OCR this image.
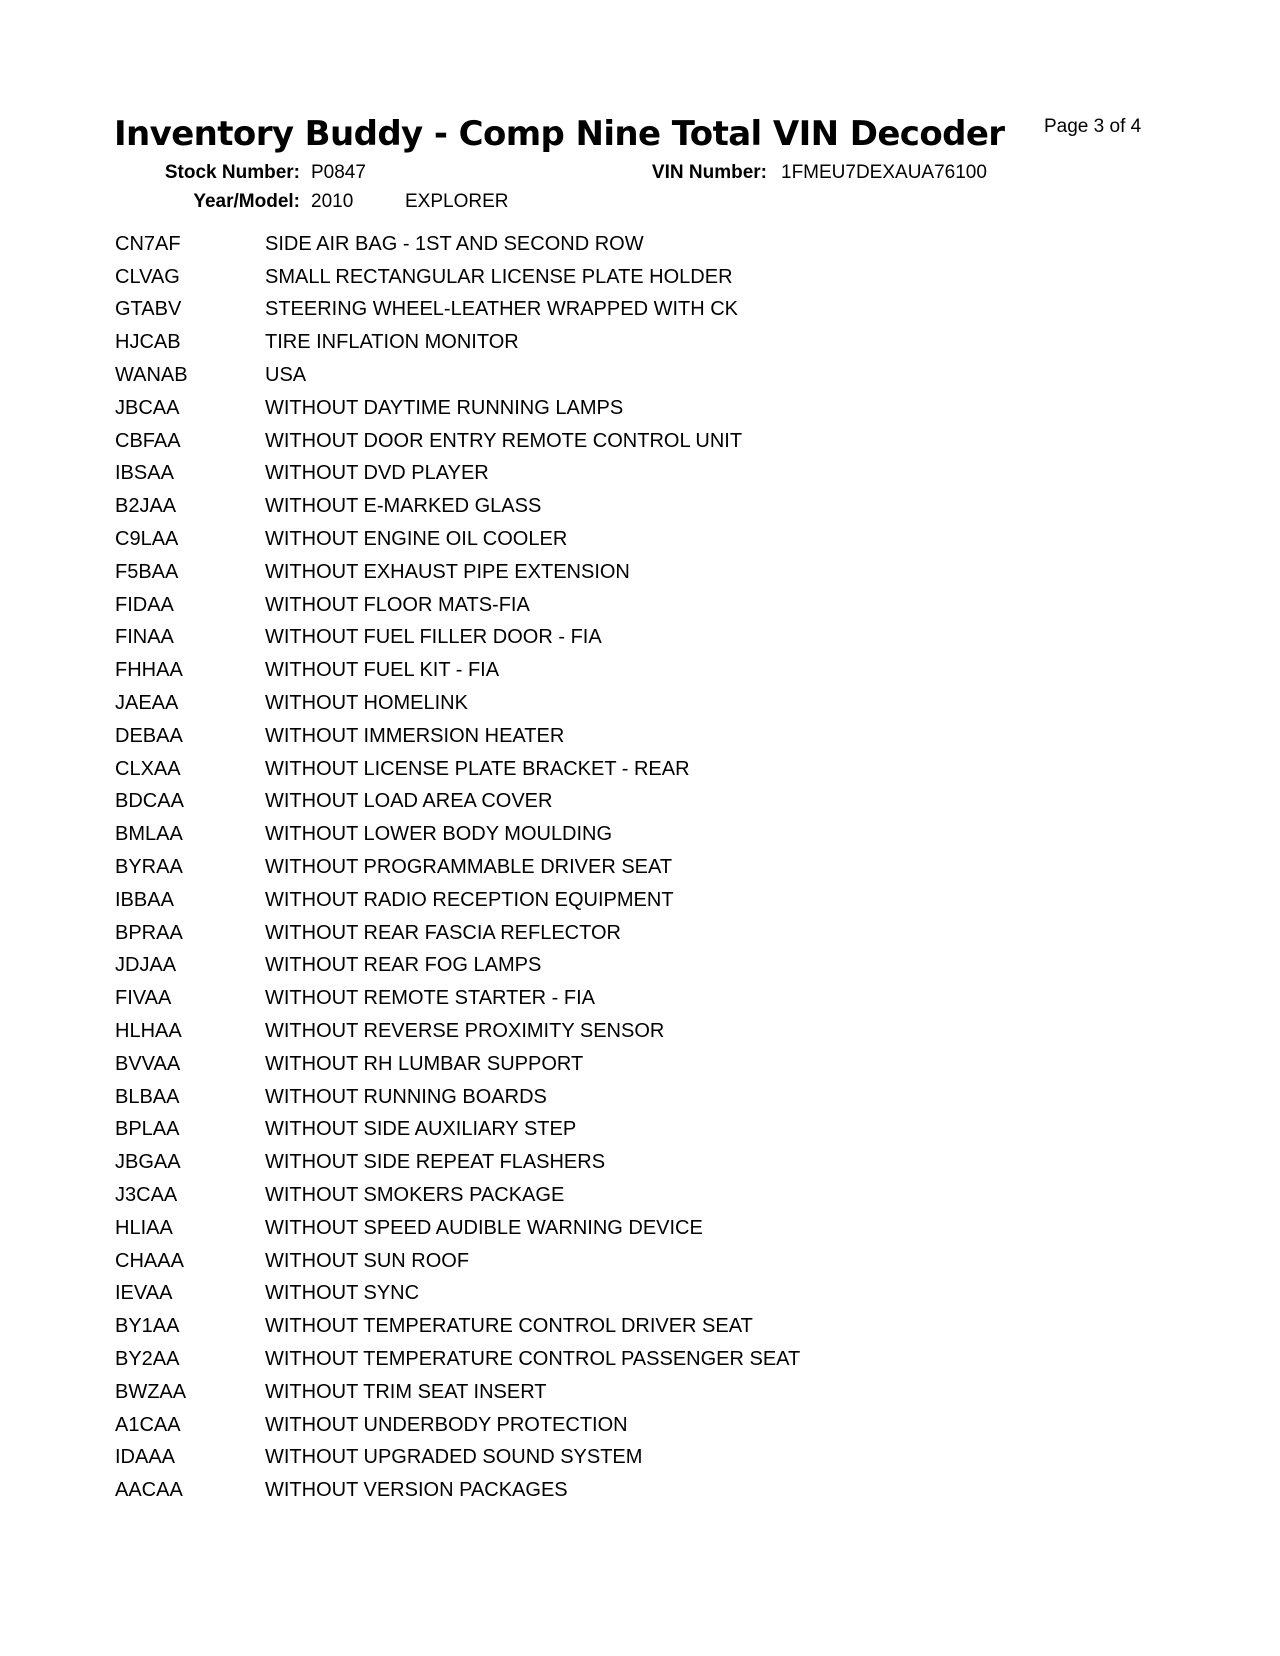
Inventory Buddy - Comp Nine Total VIN Decoder Page 3 of 4
Stock Number: P0847	VIN Number: 1FMEU7DEXAUA76100
Year/Model: 2010	EXPLORER
CN7AF	SIDE AIR BAG - 1ST AND SECOND ROW
CLVAG	SMALL RECTANGULAR LICENSE PLATE HOLDER
GTABV	STEERING WHEEL-LEATHER WRAPPED WITH CK
HJCAB	TIRE INFLATION MONITOR
WANAB	USA
JBCAA	WITHOUT DAYTIME RUNNING LAMPS
CBFAA	WITHOUT DOOR ENTRY REMOTE CONTROL UNIT
IBSAA	WITHOUT DVD PLAYER
B2JAA	WITHOUT E-MARKED GLASS
C9LAA	WITHOUT ENGINE OIL COOLER
F5BAA	WITHOUT EXHAUST PIPE EXTENSION
FIDAA	WITHOUT FLOOR MATS-FIA
FINAA	WITHOUT FUEL FILLER DOOR - FIA
FHHAA	WITHOUT FUEL KIT - FIA
JAEAA	WITHOUT HOMELINK
DEBAA	WITHOUT IMMERSION HEATER
CLXAA	WITHOUT LICENSE PLATE BRACKET - REAR
BDCAA	WITHOUT LOAD AREA COVER
BMLAA	WITHOUT LOWER BODY MOULDING
BYRAA	WITHOUT PROGRAMMABLE DRIVER SEAT
IBBAA	WITHOUT RADIO RECEPTION EQUIPMENT
BPRAA	WITHOUT REAR FASCIA REFLECTOR
JDJAA	WITHOUT REAR FOG LAMPS
FIVAA	WITHOUT REMOTE STARTER - FIA
HLHAA	WITHOUT REVERSE PROXIMITY SENSOR
BVVAA	WITHOUT RH LUMBAR SUPPORT
BLBAA	WITHOUT RUNNING BOARDS
BPLAA	WITHOUT SIDE AUXILIARY STEP
JBGAA	WITHOUT SIDE REPEAT FLASHERS
J3CAA	WITHOUT SMOKERS PACKAGE
HLIAA	WITHOUT SPEED AUDIBLE WARNING DEVICE
CHAAA	WITHOUT SUN ROOF
IEVAA	WITHOUT SYNC
BY1AA	WITHOUT TEMPERATURE CONTROL DRIVER SEAT
BY2AA	WITHOUT TEMPERATURE CONTROL PASSENGER SEAT
BWZAA	WITHOUT TRIM SEAT INSERT
A1CAA	WITHOUT UNDERBODY PROTECTION
IDAAA	WITHOUT UPGRADED SOUND SYSTEM
AACAA	WITHOUT VERSION PACKAGES
